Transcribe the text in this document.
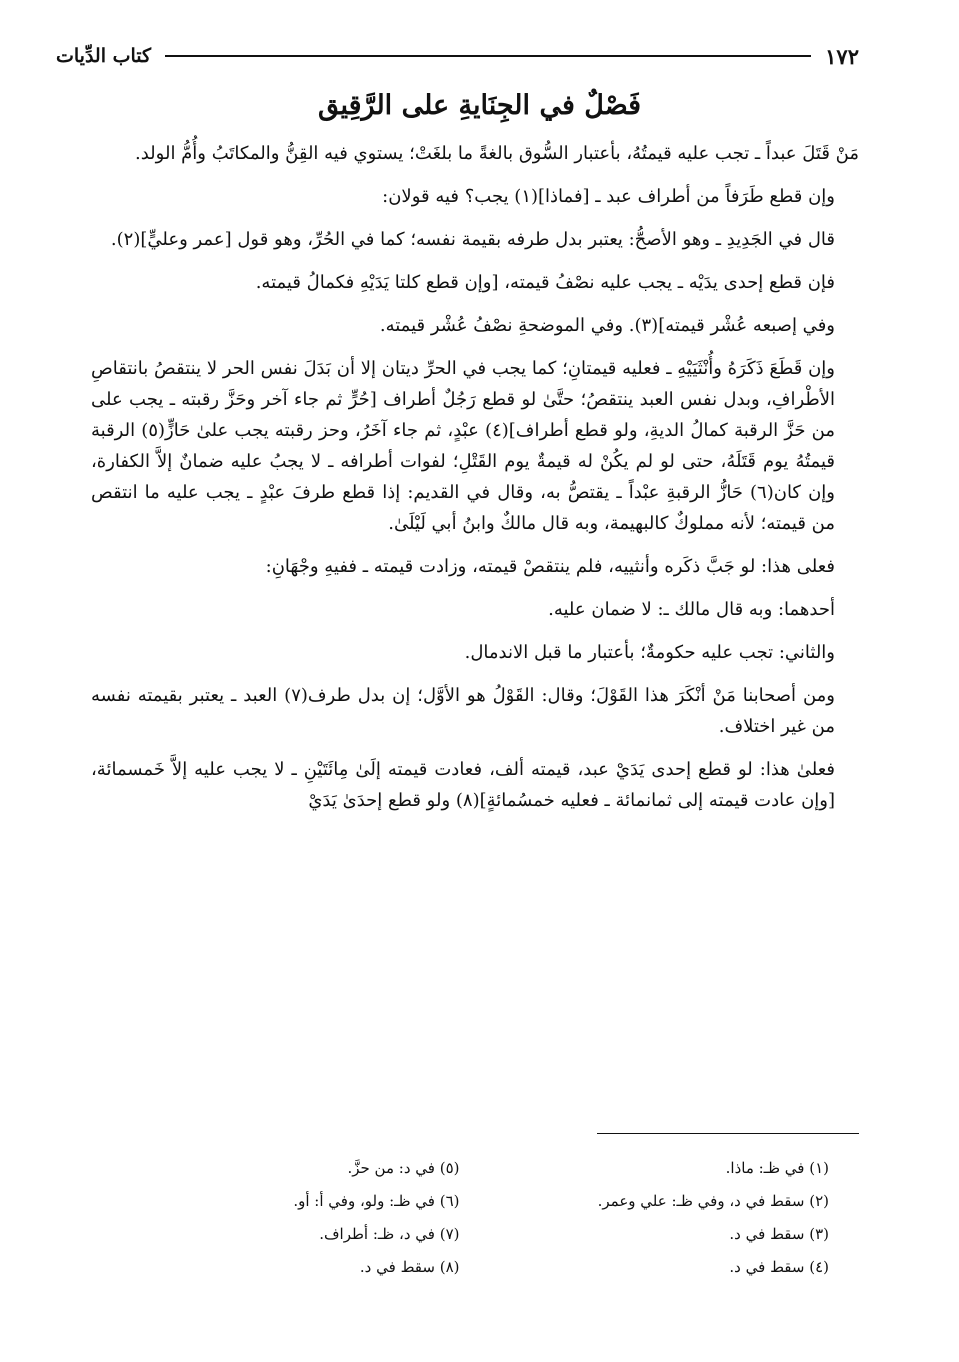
١٧٢
كتاب الدِّيات
فَصْلٌ في الجِنَايةِ على الرَّقِيق

مَنْ قَتَلَ عبداً ـ تجب عليه قيمتُهُ، بأعتبار السُّوق بالغةً ما بلغَتْ؛ يستوي فيه القِنُّ والمكاتَبُ وأُمُّ الولد.

وإن قطع طَرَفاً من أطراف عبد ـ [فماذا](١) يجب؟ فيه قولان:

قال في الجَدِيدِ ـ وهو الأصحُّ: يعتبر بدل طرفه بقيمة نفسه؛ كما في الحُرِّ، وهو قول [عمر وعليٍّ](٢).

فإن قطع إحدى يدَيْه ـ يجب عليه نصْفُ قيمته، [وإن قطع كلتا يَدَيْهِ فكمالُ قيمته.

وفي إصبعه عُشْر قيمته](٣). وفي الموضحةِ نصْفُ عُشْر قيمته.

وإن قَطَعَ ذَكَرَهُ وأُنْثَيَيْهِ ـ فعليه قيمتانِ؛ كما يجب في الحرِّ ديتان إلا أن بَدَلَ نفس الحر لا ينتقصُ بانتقاصِ الأطْرافِ، وبدل نفس العبد ينتقصُ؛ حتَّىٰ لو قطع رَجُلٌ أطراف [حُرٍّ ثم جاء آخر وحَزَّ رقبته ـ يجب على من حَزَّ الرقبة كمالُ الديةِ، ولو قطع أطراف](٤) عبْدٍ، ثم جاء آخَرُ، وحز رقبته يجب علىٰ حَازٍّ(٥) الرقبة قيمتُهُ يوم قَتَلَهُ، حتى لو لم يكُنْ له قيمةٌ يوم القَتْلِ؛ لفوات أطرافه ـ لا يجبُ عليه ضمانٌ إلاَّ الكفارة، وإن كان(٦) حَازُّ الرقبةِ عبْداً ـ يقتصُّ به، وقال في القديم: إذا قطع طرفَ عبْدٍ ـ يجب عليه ما انتقص من قيمته؛ لأنه مملوكٌ كالبهيمة، وبه قال مالكٌ وابنُ أبي لَيْلَىٰ.

فعلى هذا: لو جَبَّ ذكَره وأنثييه، فلم ينتقصْ قيمته، وزادت قيمته ـ ففيهِ وجْهَانِ:

أحدهما: وبه قال مالك ـ: لا ضمان عليه.

والثاني: تجب عليه حكومةٌ؛ بأعتبار ما قبل الاندمال.

ومن أصحابنا مَنْ أنْكَرَ هذا القَوْلَ؛ وقال: القَوْلُ هو الأوَّل؛ إن بدل طرف(٧) العبد ـ يعتبر بقيمته نفسه من غير اختلاف.

فعلىٰ هذا: لو قطع إحدى يَدَيْ عبد، قيمته ألف، فعادت قيمته إلَىٰ مِائَتَيْنِ ـ لا يجب عليه إلاَّ خَمسمائة، [وإن عادت قيمته إلى ثمانمائة ـ فعليه خمسُمائةٍ](٨) ولو قطع إحدَىٰ يَدَيْ

(١) في ظـ: ماذا.
(٢) سقط في د، وفي ظـ: علي وعمر.
(٣) سقط في د.
(٤) سقط في د.
(٥) في د: من حزَّ.
(٦) في ظـ: ولو، وفي أ: أو.
(٧) في د، ظـ: أطراف.
(٨) سقط في د.
